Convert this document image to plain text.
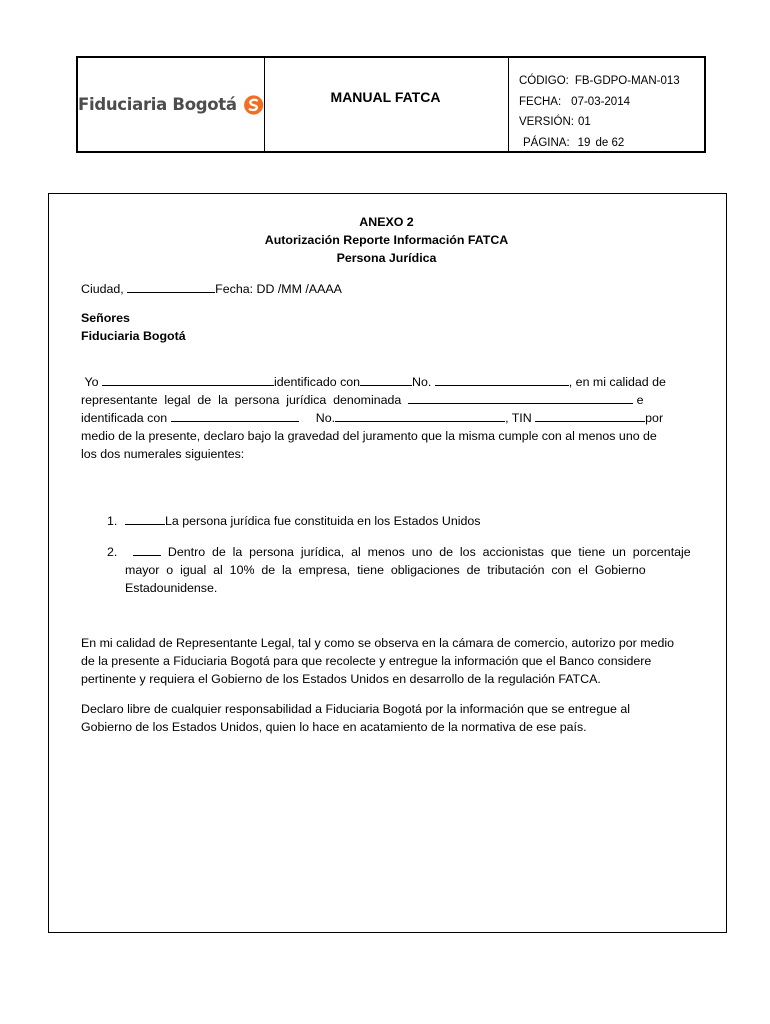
Fiduciaria Bogotá	MANUAL FATCA
CÓDIGO: FB-GDPO-MAN-013
FECHA: 07-03-2014
VERSIÓN: 01
PÁGINA: 19 de 62
ANEXO 2
Autorización Reporte Información FATCA
Persona Jurídica
Ciudad,	Fecha: DD /MM /AAAA
Señores
Fiduciaria Bogotá
Yo	identificado con	No.	, en mi calidad de
representante  legal  de  la  persona  jurídica  denominada	e
identificada con	No.	, TIN	por
medio de la presente, declaro bajo la gravedad del juramento que la misma cumple con al menos uno de
los dos numerales siguientes:
1.	La persona jurídica fue constituida en los Estados Unidos
2.	Dentro  de  la  persona  jurídica,  al  menos  uno  de  los  accionistas  que  tiene  un  porcentaje
mayor  o  igual  al  10%  de  la  empresa,  tiene  obligaciones  de  tributación  con  el  Gobierno
Estadounidense.
En mi calidad de Representante Legal, tal y como se observa en la cámara de comercio, autorizo por medio
de la presente a Fiduciaria Bogotá para que recolecte y entregue la información que el Banco considere
pertinente y requiera el Gobierno de los Estados Unidos en desarrollo de la regulación FATCA.
Declaro libre de cualquier responsabilidad a Fiduciaria Bogotá por la información que se entregue al
Gobierno de los Estados Unidos, quien lo hace en acatamiento de la normativa de ese país.
